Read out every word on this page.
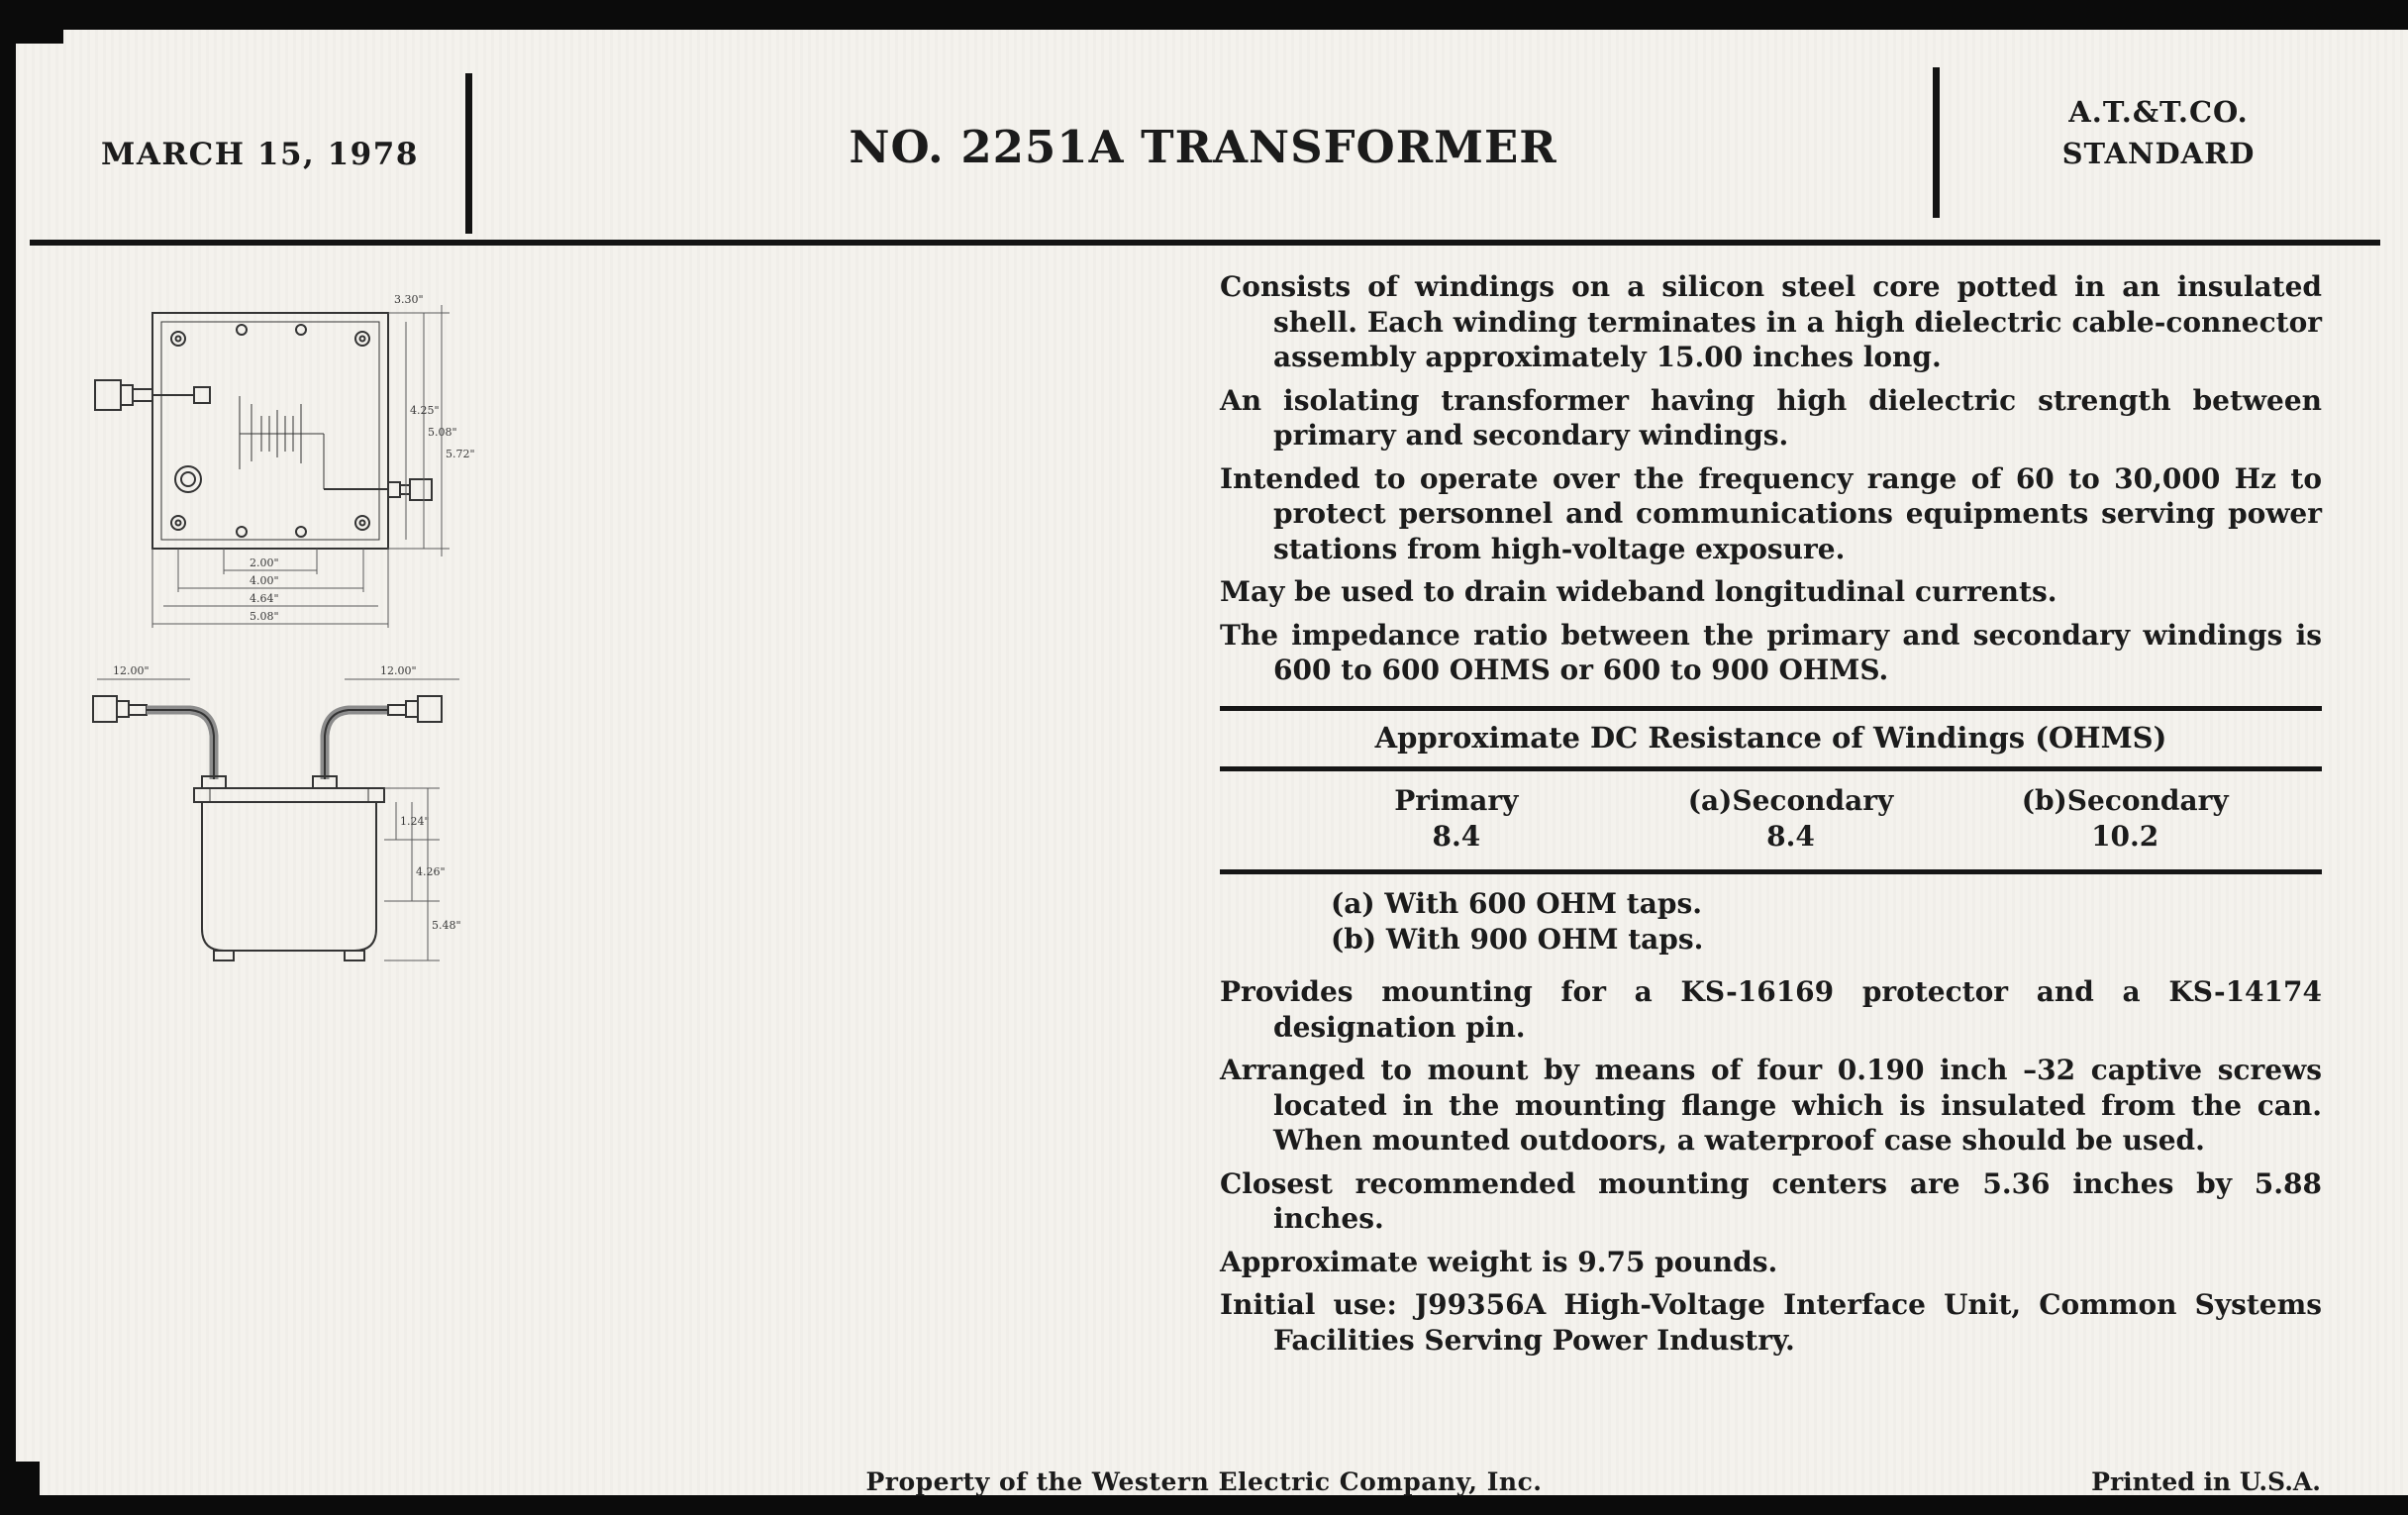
MARCH 15, 1978	NO. 2251A TRANSFORMER
A.T.&T.CO.
STANDARD
3.30"
4.25"
5.08"
5.72"
2.00"
4.00"
4.64"
5.08"
12.00"	12.00"
1.24"
4.26"
5.48"

Consists of windings on a silicon steel core potted in an insulated shell. Each winding terminates in a high dielectric cable-connector assembly approximately 15.00 inches long.

An isolating transformer having high dielectric strength between primary and secondary windings.

Intended to operate over the frequency range of 60 to 30,000 Hz to protect personnel and communications equipments serving power stations from high-voltage exposure.

May be used to drain wideband longitudinal currents.

The impedance ratio between the primary and secondary windings is 600 to 600 OHMS or 600 to 900 OHMS.

Approximate DC Resistance of Windings (OHMS)
Primary	(a)Secondary	(b)Secondary
8.4	8.4	10.2
(a) With 600 OHM taps.
(b) With 900 OHM taps.

Provides mounting for a KS-16169 protector and a KS-14174 designation pin.

Arranged to mount by means of four 0.190 inch –32 captive screws located in the mounting flange which is insulated from the can. When mounted outdoors, a waterproof case should be used.

Closest recommended mounting centers are 5.36 inches by 5.88 inches.

Approximate weight is 9.75 pounds.

Initial use: J99356A High-Voltage Interface Unit, Common Systems Facilities Serving Power Industry.

Property of the Western Electric Company, Inc.	Printed in U.S.A.
